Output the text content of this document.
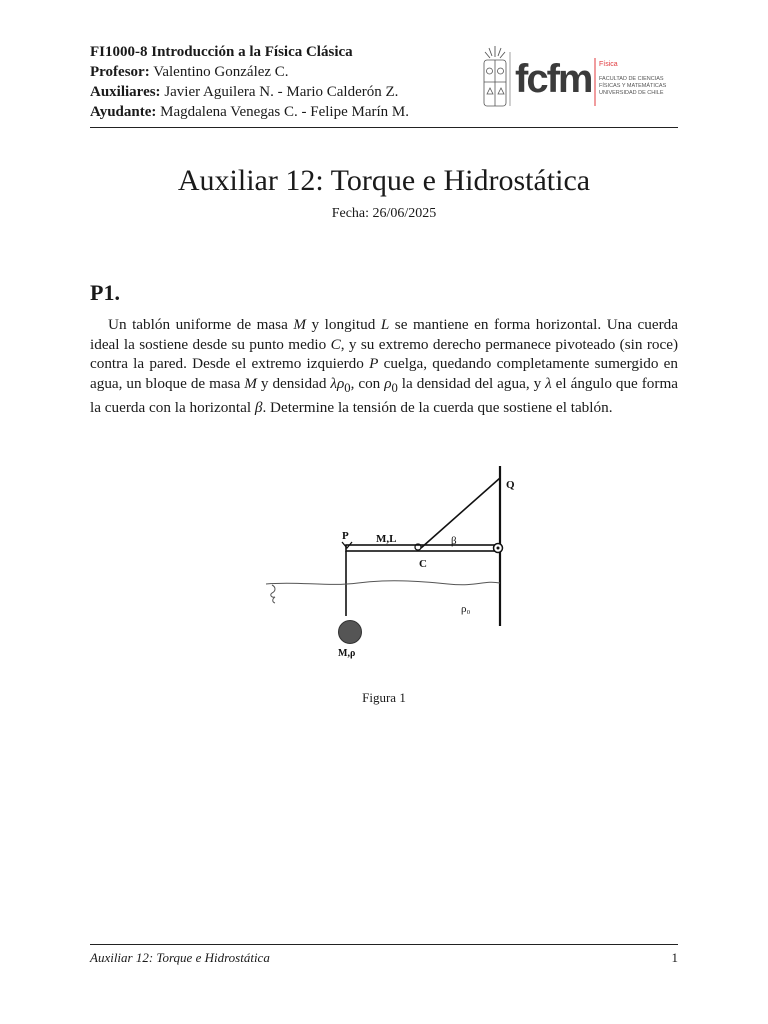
FI1000-8 Introducción a la Física Clásica
Profesor: Valentino González C.
Auxiliares: Javier Aguilera N. - Mario Calderón Z.
Ayudante: Magdalena Venegas C. - Felipe Marín M.
fcfm Física
FACULTAD DE CIENCIAS
FÍSICAS Y MATEMÁTICAS
UNIVERSIDAD DE CHILE
Auxiliar 12: Torque e Hidrostática
Fecha: 26/06/2025
P1.
Un tablón uniforme de masa M y longitud L se mantiene en forma horizontal. Una cuerda ideal la sostiene desde su punto medio C, y su extremo derecho permanece pivoteado (sin roce) contra la pared. Desde el extremo izquierdo P cuelga, quedando completamente sumergido en agua, un bloque de masa M y densidad $\lambda\rho_0$, con $\rho_0$ la densidad del agua, y λ el ángulo que forma la cuerda con la horizontal β. Determine la tensión de la cuerda que sostiene el tablón.
P M,L
C
β
Q
ρ₀
M,ρ
Figura 1
Auxiliar 12: Torque e Hidrostática	1
